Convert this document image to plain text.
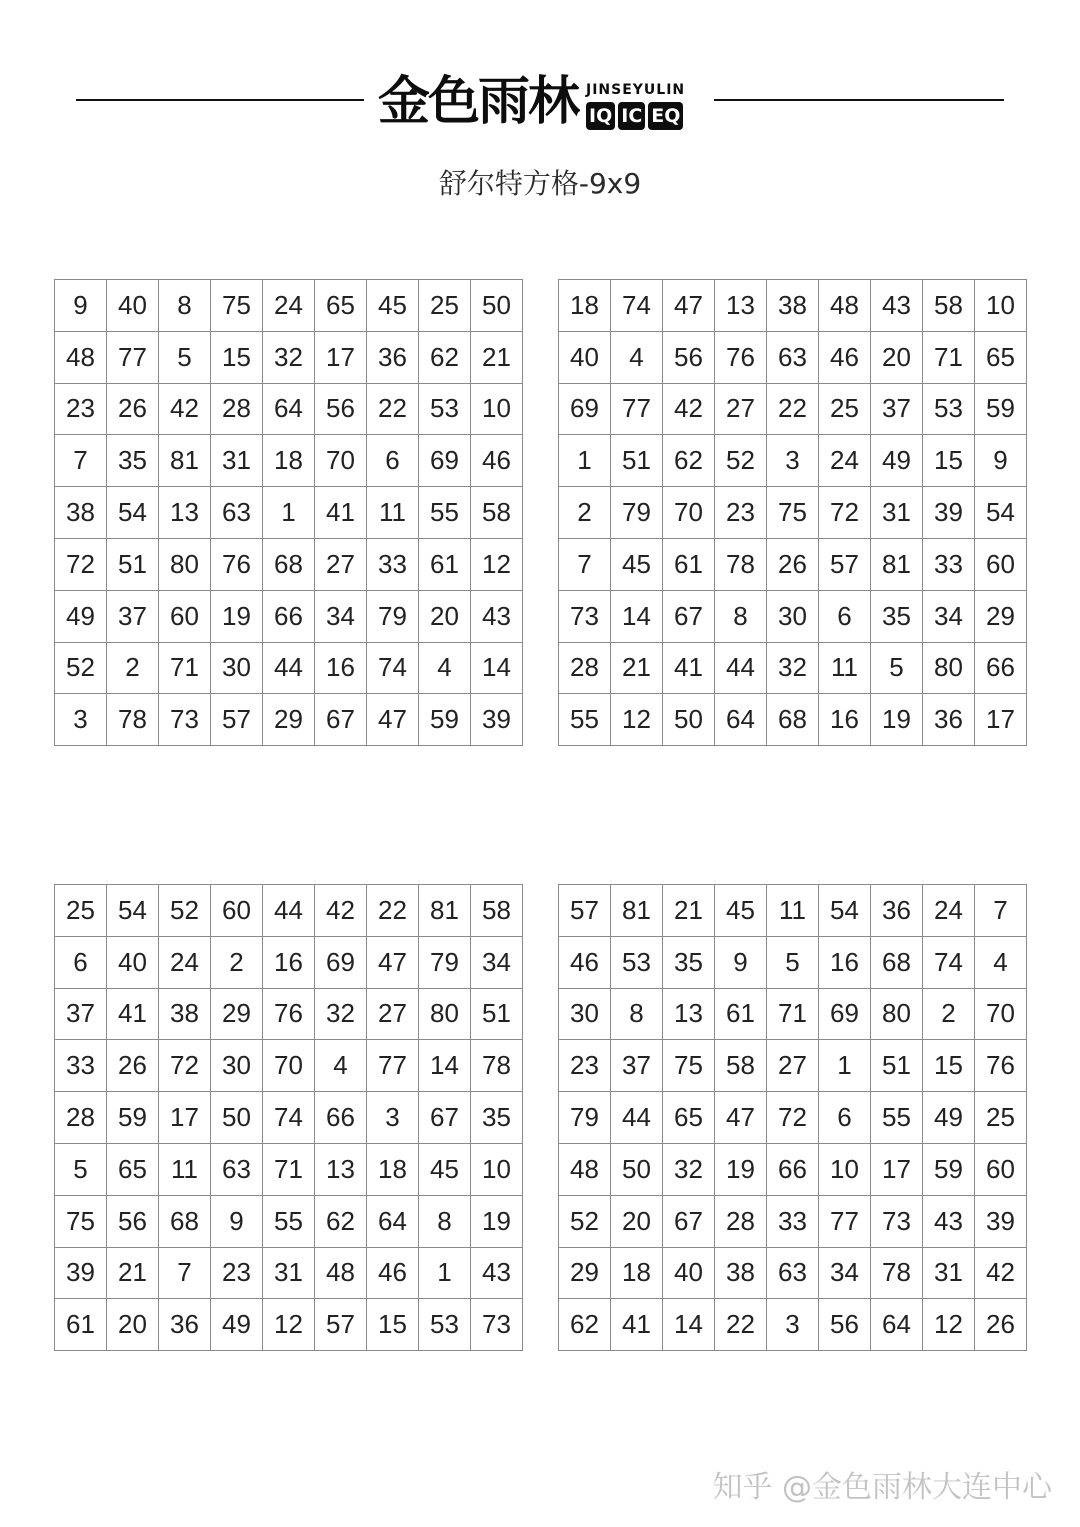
金色雨林 JINSEYULIN
IQ IC EQ
舒尔特方格-9x9
9	40	8	75	24	65	45	25	50
48	77	5	15	32	17	36	62	21
23	26	42	28	64	56	22	53	10
7	35	81	31	18	70	6	69	46
38	54	13	63	1	41	11	55	58
72	51	80	76	68	27	33	61	12
49	37	60	19	66	34	79	20	43
52	2	71	30	44	16	74	4	14
3	78	73	57	29	67	47	59	39
18	74	47	13	38	48	43	58	10
40	4	56	76	63	46	20	71	65
69	77	42	27	22	25	37	53	59
1	51	62	52	3	24	49	15	9
2	79	70	23	75	72	31	39	54
7	45	61	78	26	57	81	33	60
73	14	67	8	30	6	35	34	29
28	21	41	44	32	11	5	80	66
55	12	50	64	68	16	19	36	17
25	54	52	60	44	42	22	81	58
6	40	24	2	16	69	47	79	34
37	41	38	29	76	32	27	80	51
33	26	72	30	70	4	77	14	78
28	59	17	50	74	66	3	67	35
5	65	11	63	71	13	18	45	10
75	56	68	9	55	62	64	8	19
39	21	7	23	31	48	46	1	43
61	20	36	49	12	57	15	53	73
57	81	21	45	11	54	36	24	7
46	53	35	9	5	16	68	74	4
30	8	13	61	71	69	80	2	70
23	37	75	58	27	1	51	15	76
79	44	65	47	72	6	55	49	25
48	50	32	19	66	10	17	59	60
52	20	67	28	33	77	73	43	39
29	18	40	38	63	34	78	31	42
62	41	14	22	3	56	64	12	26
知乎 @金色雨林大连中心
